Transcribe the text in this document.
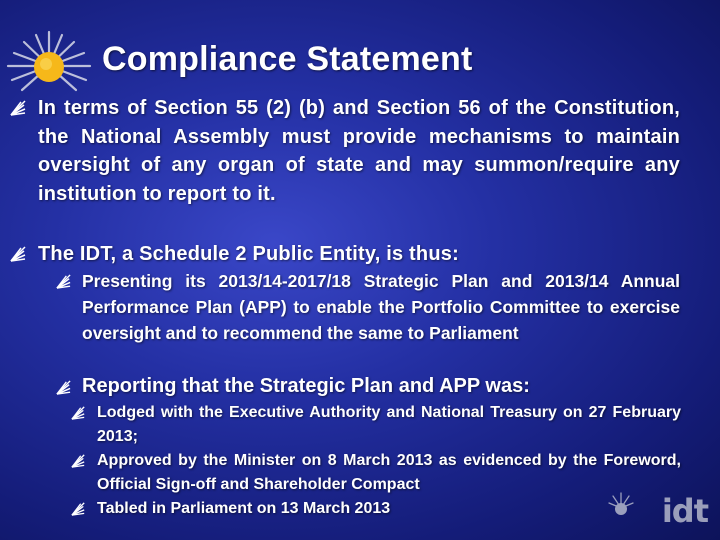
Compliance Statement
In terms of Section 55 (2) (b) and Section 56 of the Constitution, the National Assembly must provide mechanisms to maintain oversight of any organ of state and may summon/require any institution to report to it.
The IDT, a Schedule 2 Public Entity, is thus:
Presenting its 2013/14-2017/18 Strategic Plan and 2013/14 Annual Performance Plan (APP) to enable the Portfolio Committee to exercise oversight and to recommend the same to Parliament
Reporting that the Strategic Plan and APP was:
Lodged with the Executive Authority and National Treasury on 27 February 2013;
Approved by the Minister on 8 March 2013 as evidenced by the Foreword, Official Sign-off and Shareholder Compact
Tabled in Parliament on 13 March 2013	idt
